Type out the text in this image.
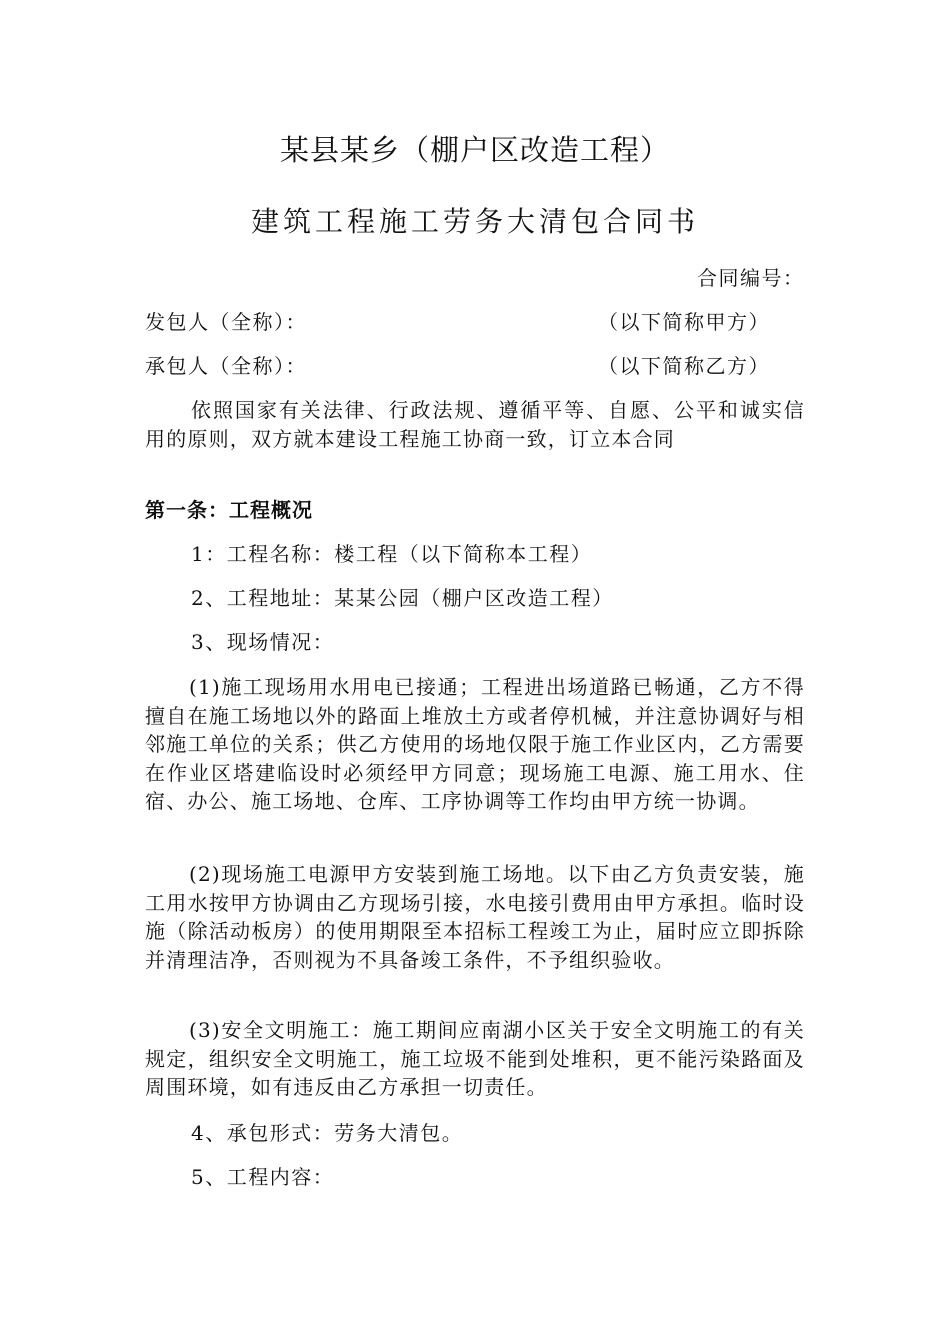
某县某乡（棚户区改造工程）
建筑工程施工劳务大清包合同书
合同编号：
发包人（全称）：	（以下简称甲方）
承包人（全称）：	（以下简称乙方）

依照国家有关法律、行政法规、遵循平等、自愿、公平和诚实信用的原则，双方就本建设工程施工协商一致，订立本合同

第一条：工程概况
1：工程名称：楼工程（以下简称本工程）
2、工程地址：某某公园（棚户区改造工程）
3、现场情况：

(1)施工现场用水用电已接通；工程进出场道路已畅通，乙方不得擅自在施工场地以外的路面上堆放土方或者停机械，并注意协调好与相邻施工单位的关系；供乙方使用的场地仅限于施工作业区内，乙方需要在作业区塔建临设时必须经甲方同意；现场施工电源、施工用水、住宿、办公、施工场地、仓库、工序协调等工作均由甲方统一协调。

(2)现场施工电源甲方安装到施工场地。以下由乙方负责安装，施工用水按甲方协调由乙方现场引接，水电接引费用由甲方承担。临时设施（除活动板房）的使用期限至本招标工程竣工为止，届时应立即拆除并清理洁净，否则视为不具备竣工条件，不予组织验收。

(3)安全文明施工：施工期间应南湖小区关于安全文明施工的有关规定，组织安全文明施工，施工垃圾不能到处堆积，更不能污染路面及周围环境，如有违反由乙方承担一切责任。

4、承包形式：劳务大清包。
5、工程内容：
